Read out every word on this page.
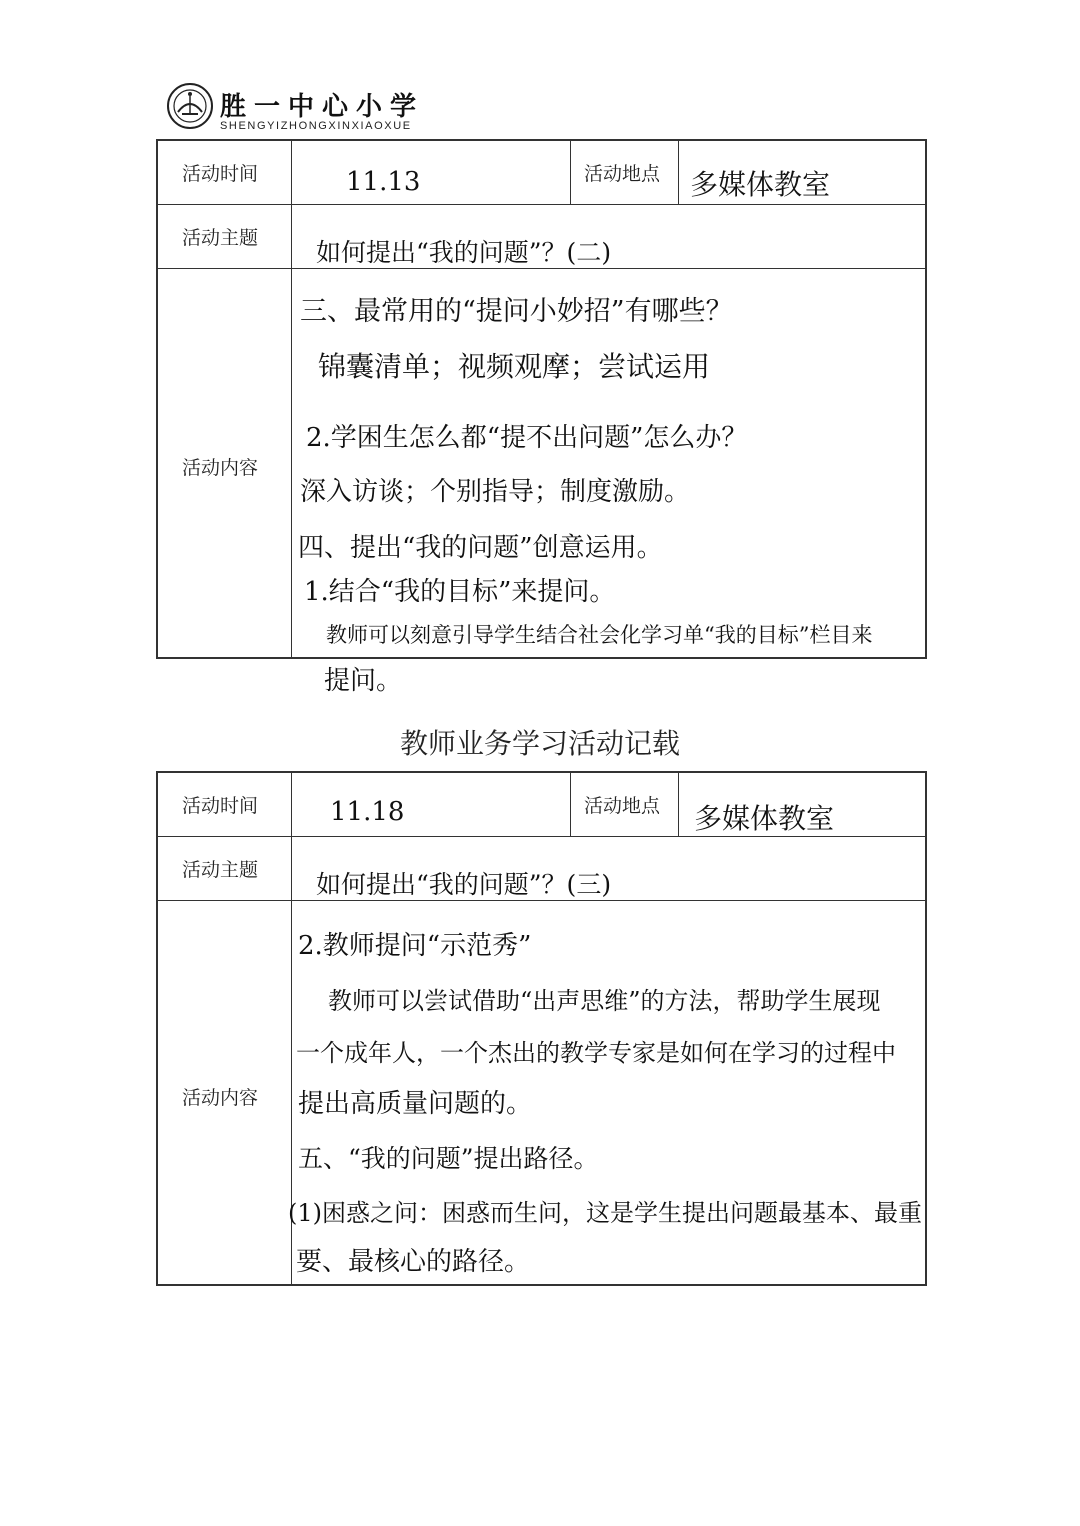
胜一中心小学
SHENGYIZHONGXINXIAOXUE
活动时间	11.13	活动地点 多媒体教室
活动主题 如何提出“我的问题”？(二)
活动内容
三、最常用的“提问小妙招”有哪些？
锦囊清单；视频观摩；尝试运用
2.学困生怎么都“提不出问题”怎么办？
深入访谈；个别指导；制度激励。
四、提出“我的问题”创意运用。
1.结合“我的目标”来提问。
教师可以刻意引导学生结合社会化学习单“我的目标”栏目来
提问。
教师业务学习活动记载
活动时间	11.18	活动地点 多媒体教室
活动主题 如何提出“我的问题”？(三)
活动内容
2.教师提问“示范秀”
教师可以尝试借助“出声思维”的方法，帮助学生展现
一个成年人，一个杰出的教学专家是如何在学习的过程中
提出高质量问题的。
五、“我的问题”提出路径。
(1)困惑之问：困惑而生问，这是学生提出问题最基本、最重
要、最核心的路径。
